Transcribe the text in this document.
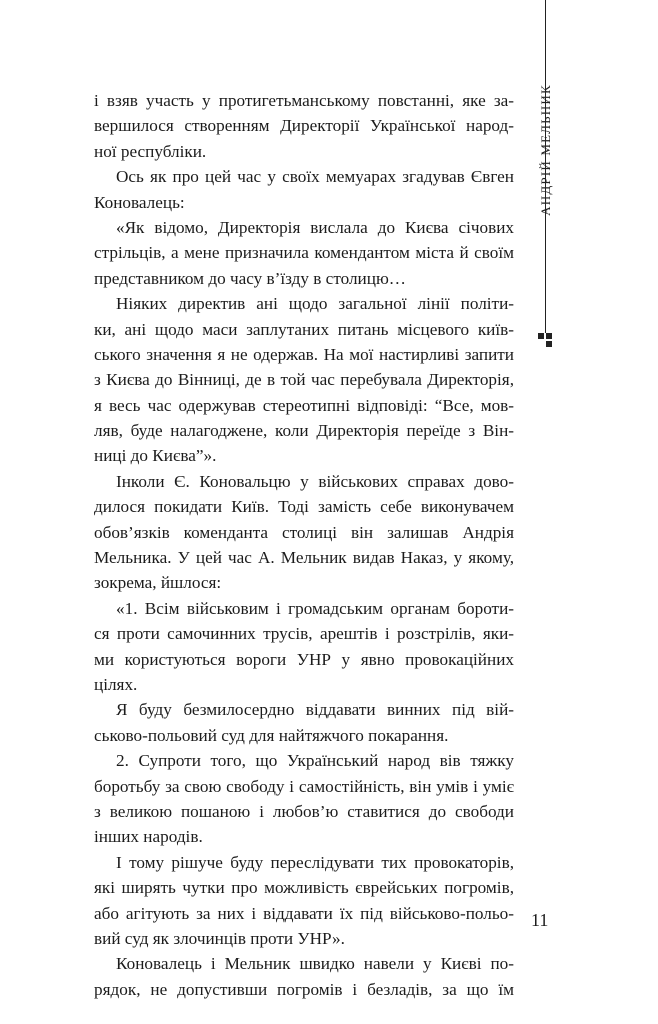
АНДРІЙ МЕЛЬНИК
11
і взяв участь у протигетьманському повстанні, яке за-
вершилося створенням Директорії Української народ-
ної республіки.
Ось як про цей час у своїх мемуарах згадував Євген
Коновалець:
«Як відомо, Директорія вислала до Києва січових
стрільців, а мене призначила комендантом міста й своїм
представником до часу в’їзду в столицю…
Ніяких директив ані щодо загальної лінії політи-
ки, ані щодо маси заплутаних питань місцевого київ-
ського значення я не одержав. На мої настирливі запити
з Києва до Вінниці, де в той час перебувала Директорія,
я весь час одержував стереотипні відповіді: “Все, мов-
ляв, буде налагоджене, коли Директорія переїде з Він-
ниці до Києва”».
Інколи Є. Коновальцю у військових справах дово-
дилося покидати Київ. Тоді замість себе виконувачем
обов’язків коменданта столиці він залишав Андрія
Мельника. У цей час А. Мельник видав Наказ, у якому,
зокрема, йшлося:
«1. Всім військовим і громадським органам бороти-
ся проти самочинних трусів, арештів і розстрілів, яки-
ми користуються вороги УНР у явно провокаційних
цілях.
Я буду безмилосердно віддавати винних під вій-
ськово-польовий суд для найтяжчого покарання.
2. Супроти того, що Український народ вів тяжку
боротьбу за свою свободу і самостійність, він умів і уміє
з великою пошаною і любов’ю ставитися до свободи
інших народів.
І тому рішуче буду переслідувати тих провокаторів,
які ширять чутки про можливість єврейських погромів,
або агітують за них і віддавати їх під військово-польо-
вий суд як злочинців проти УНР».
Коновалець і Мельник швидко навели у Києві по-
рядок, не допустивши погромів і безладів, за що їм
